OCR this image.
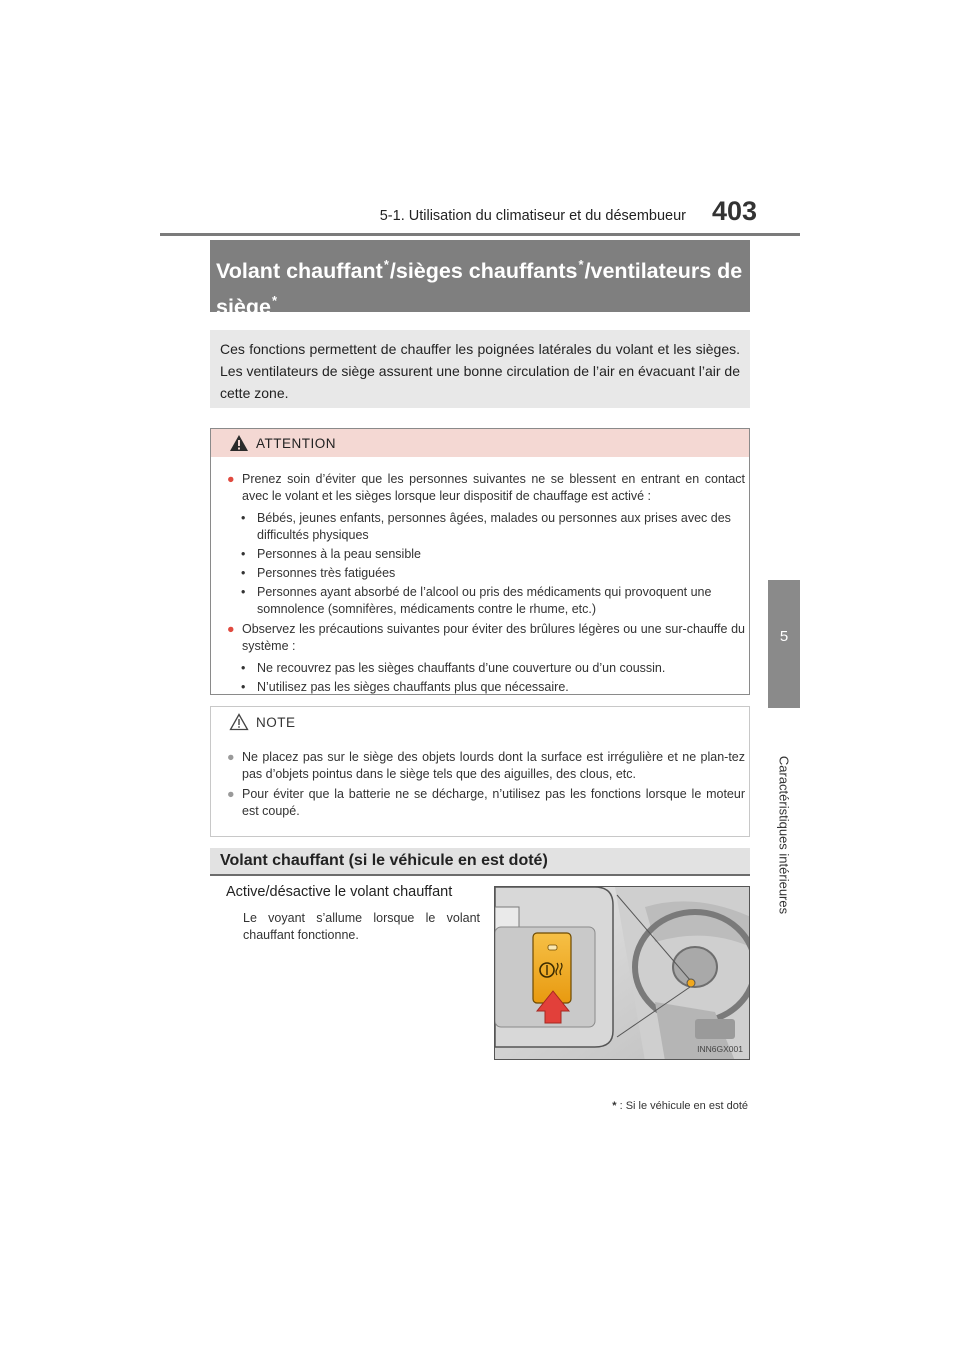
5-1. Utilisation du climatiseur et du désembueur 403
5
Caractéristiques intérieures
Volant chauffant*/sièges chauffants*/ventilateurs de siège*
Ces fonctions permettent de chauffer les poignées latérales du volant et les sièges. Les ventilateurs de siège assurent une bonne circulation de l’air en évacuant l’air de cette zone.
ATTENTION
● Prenez soin d’éviter que les personnes suivantes ne se blessent en entrant en contact avec le volant et les sièges lorsque leur dispositif de chauffage est activé :
• Bébés, jeunes enfants, personnes âgées, malades ou personnes aux prises avec des difficultés physiques
• Personnes à la peau sensible
• Personnes très fatiguées
• Personnes ayant absorbé de l’alcool ou pris des médicaments qui provoquent une somnolence (somnifères, médicaments contre le rhume, etc.)
● Observez les précautions suivantes pour éviter des brûlures légères ou une sur-chauffe du système :
• Ne recouvrez pas les sièges chauffants d’une couverture ou d’un coussin.
• N’utilisez pas les sièges chauffants plus que nécessaire.
NOTE
● Ne placez pas sur le siège des objets lourds dont la surface est irrégulière et ne plan-tez pas d’objets pointus dans le siège tels que des aiguilles, des clous, etc.
● Pour éviter que la batterie ne se décharge, n’utilisez pas les fonctions lorsque le moteur est coupé.
Volant chauffant (si le véhicule en est doté)
Active/désactive le volant chauffant
Le voyant s’allume lorsque le volant chauffant fonctionne.
INN6GX001
* : Si le véhicule en est doté
